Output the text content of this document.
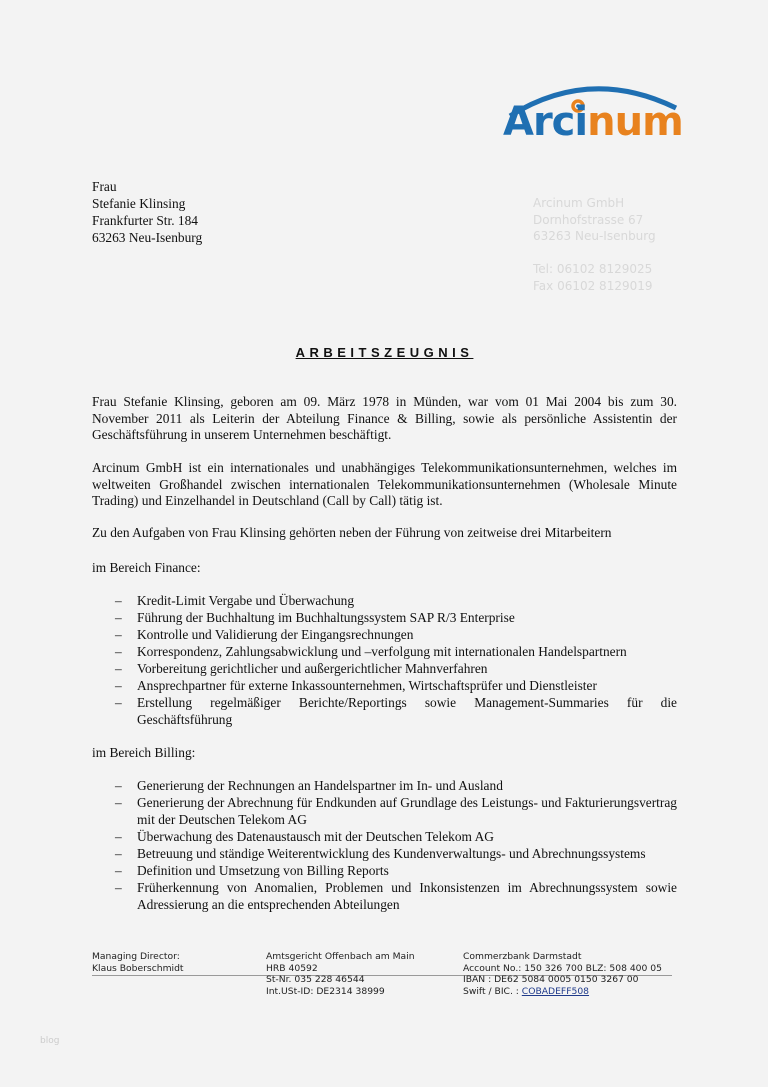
Arcinum
Frau
Stefanie Klinsing
Frankfurter Str. 184
63263 Neu-Isenburg
Arcinum GmbH
Dornhofstrasse 67
63263 Neu-Isenburg
Tel: 06102 8129025
Fax 06102 8129019
ARBEITSZEUGNIS
Frau Stefanie Klinsing, geboren am 09. März 1978 in Münden, war vom 01 Mai 2004 bis zum 30. November 2011 als Leiterin der Abteilung Finance & Billing, sowie als persönliche Assistentin der Geschäftsführung in unserem Unternehmen beschäftigt.
Arcinum GmbH ist ein internationales und unabhängiges Telekommunikationsunternehmen, welches im weltweiten Großhandel zwischen internationalen Telekommunikationsunternehmen (Wholesale Minute Trading) und Einzelhandel in Deutschland (Call by Call) tätig ist.
Zu den Aufgaben von Frau Klinsing gehörten neben der Führung von zeitweise drei Mitarbeitern
im Bereich Finance:
– Kredit-Limit Vergabe und Überwachung
– Führung der Buchhaltung im Buchhaltungssystem SAP R/3 Enterprise
– Kontrolle und Validierung der Eingangsrechnungen
– Korrespondenz, Zahlungsabwicklung und –verfolgung mit internationalen Handelspartnern
– Vorbereitung gerichtlicher und außergerichtlicher Mahnverfahren
– Ansprechpartner für externe Inkassounternehmen, Wirtschaftsprüfer und Dienstleister
– Erstellung regelmäßiger Berichte/Reportings sowie Management-Summaries für die Geschäftsführung
im Bereich Billing:
– Generierung der Rechnungen an Handelspartner im In- und Ausland
– Generierung der Abrechnung für Endkunden auf Grundlage des Leistungs- und Fakturierungsvertrag mit der Deutschen Telekom AG
– Überwachung des Datenaustausch mit der Deutschen Telekom AG
– Betreuung und ständige Weiterentwicklung des Kundenverwaltungs- und Abrechnungssystems
– Definition und Umsetzung von Billing Reports
– Früherkennung von Anomalien, Problemen und Inkonsistenzen im Abrechnungssystem sowie Adressierung an die entsprechenden Abteilungen
Managing Director:
Klaus Boberschmidt
Amtsgericht Offenbach am Main
HRB 40592
St-Nr. 035 228 46544
Int.USt-ID: DE2314 38999
Commerzbank Darmstadt
Account No.: 150 326 700 BLZ: 508 400 05
IBAN : DE62 5084 0005 0150 3267 00
Swift / BIC. : COBADEFF508
blog
